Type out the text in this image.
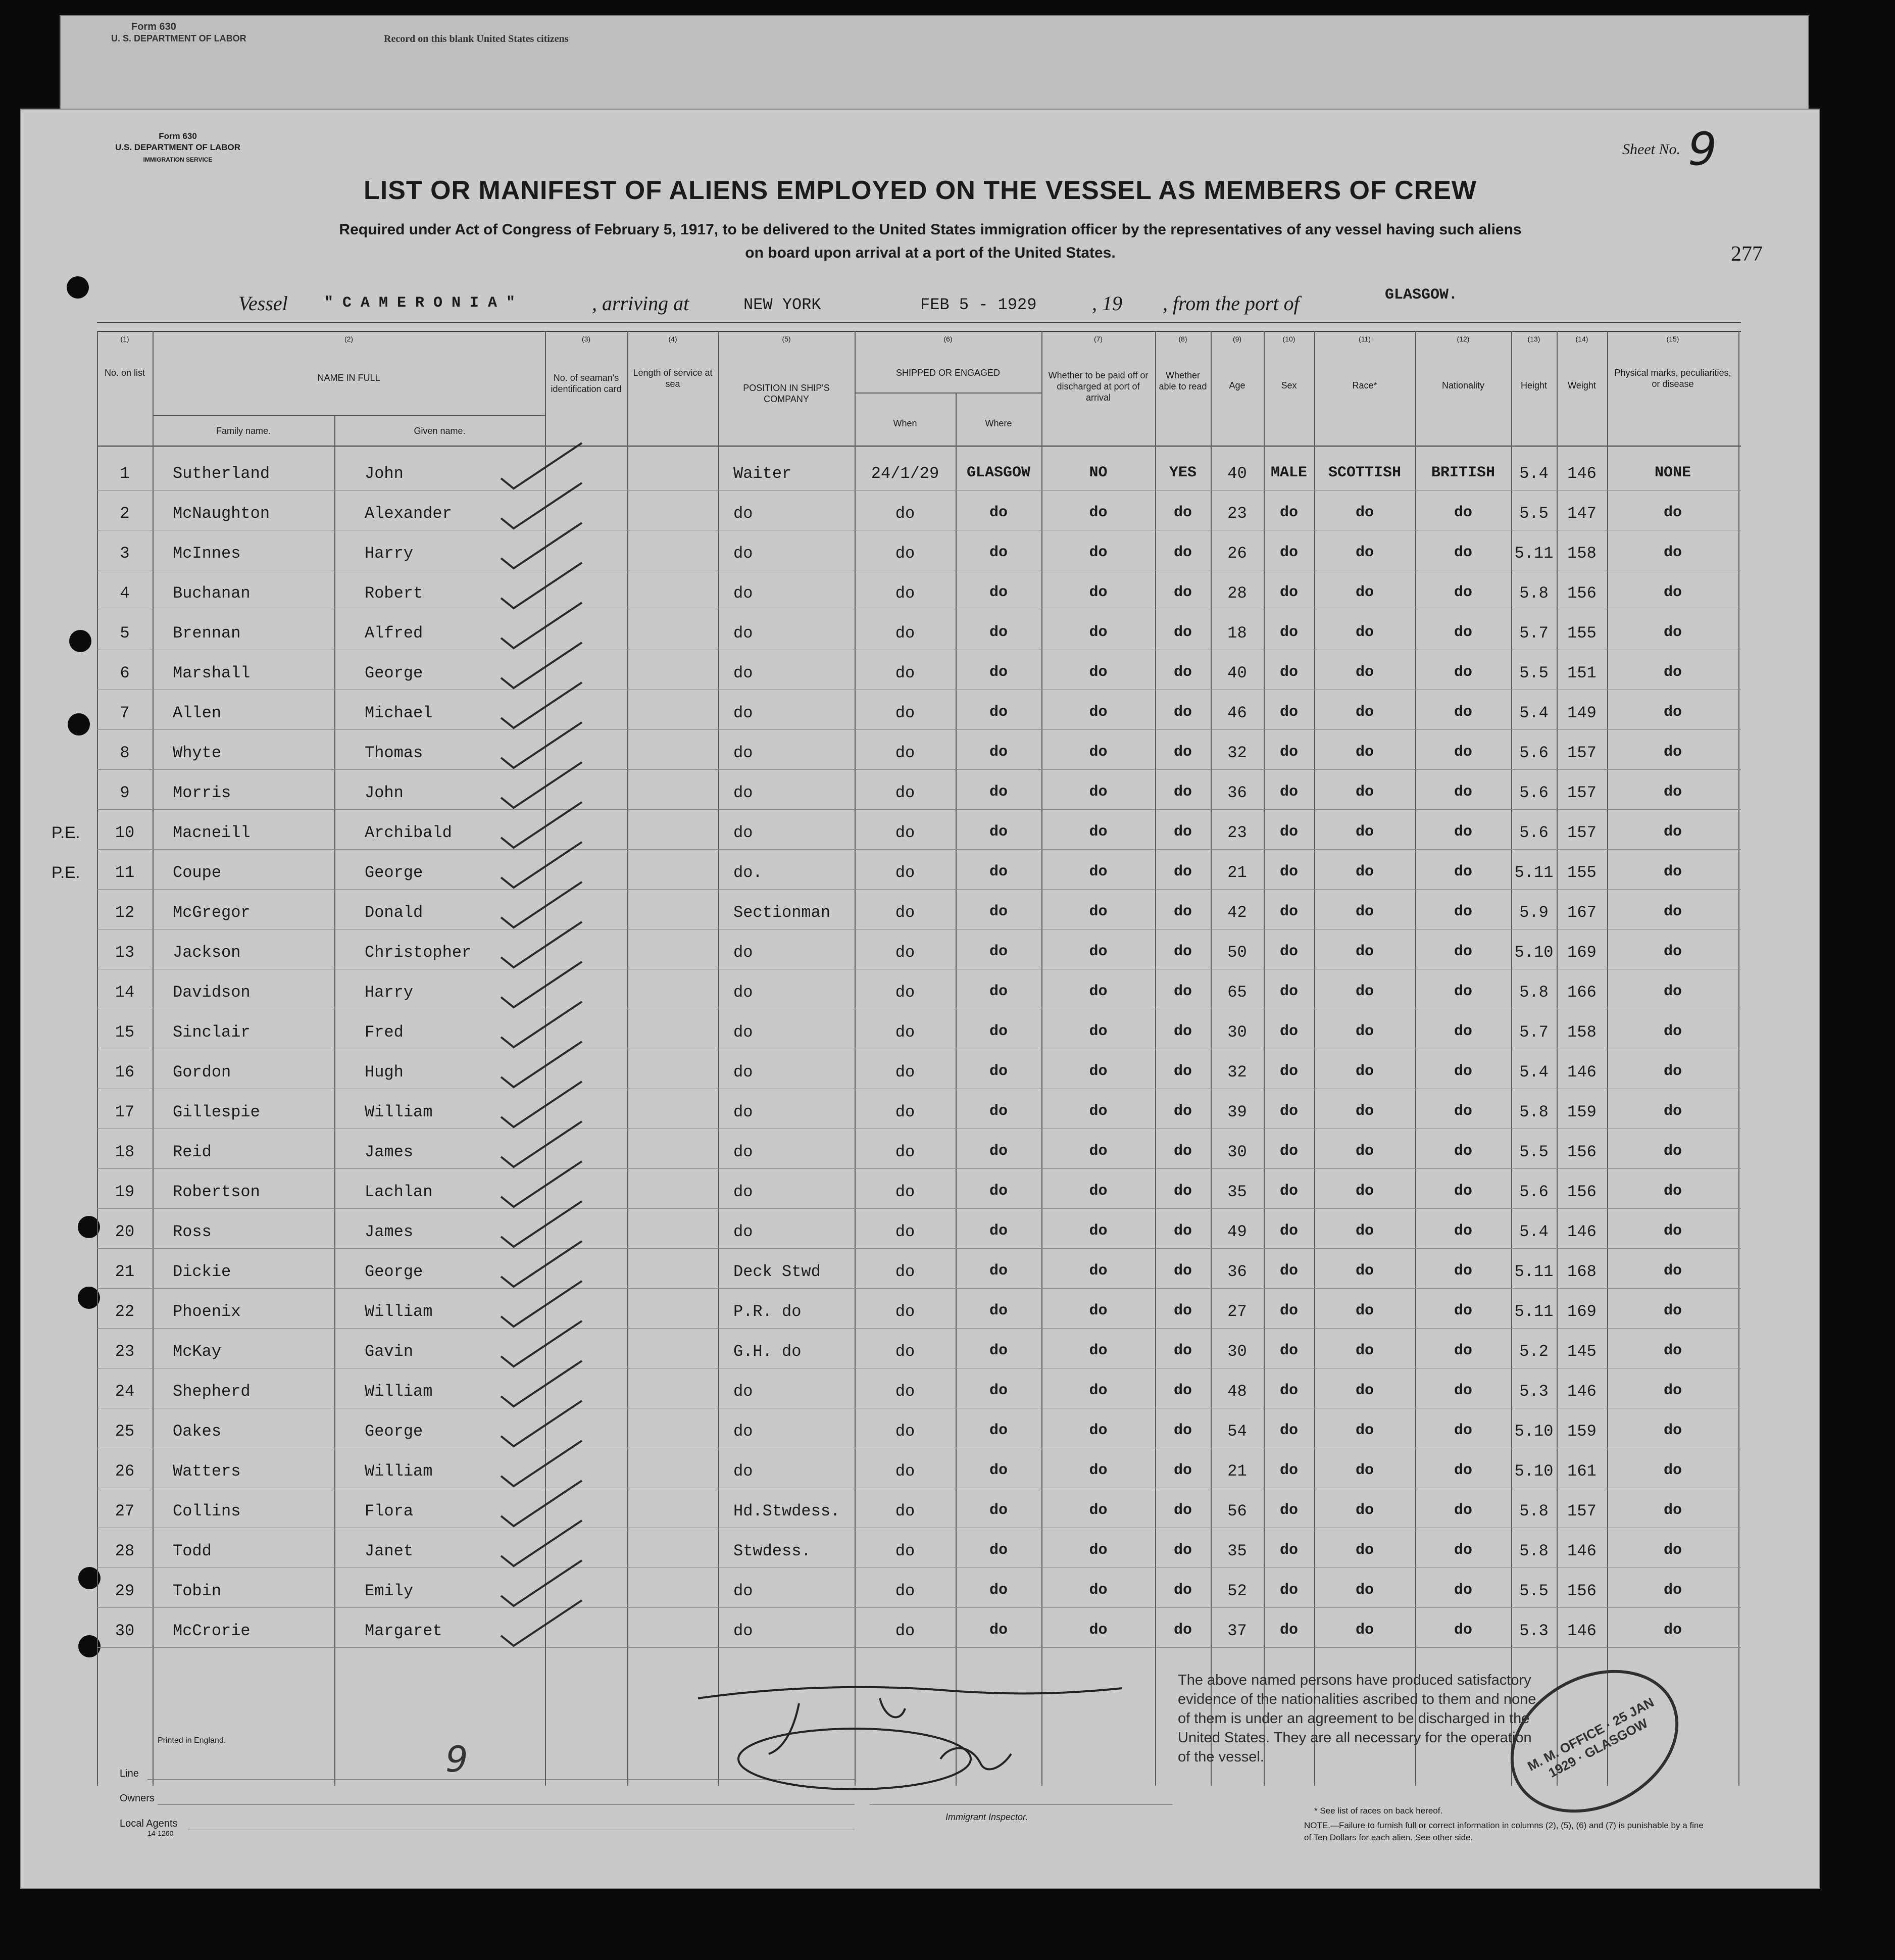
Form 630
U. S. DEPARTMENT OF LABOR	Record on this blank United States citizens
Form 630
U.S. DEPARTMENT OF LABOR
IMMIGRATION SERVICE
Sheet No. 9
277
LIST OR MANIFEST OF ALIENS EMPLOYED ON THE VESSEL AS MEMBERS OF CREW
Required under Act of Congress of February 5, 1917, to be delivered to the United States immigration officer by the representatives of any vessel having such aliens
on board upon arrival at a port of the United States.
Vessel " C A M E R O N I A "	, arriving at	NEW YORK	FEB 5 - 1929	, 19 , from the port of	GLASGOW.
(1)	(2)	(3)	(4)	(5)	(6)	(7)	(8)	(9)	(10)	(11)	(12)	(13)	(14)	(15)
No. on list	NAME IN FULL
Family name.	Given name.
No. of seaman's identification card
Length of service at sea	POSITION IN SHIP'S COMPANY
SHIPPED OR ENGAGED
When	Where
Whether to be paid off or discharged at port of arrival
Whether able to read	Age	Sex	Race*	Nationality	Height	Weight
Physical marks, peculiarities, or disease
1	Sutherland	John	Waiter	24/1/29	GLASGOW	NO	YES	40	MALE	SCOTTISH	BRITISH	5.4	146	NONE
2	McNaughton	Alexander	do	do	do	do	do	23	do	do	do	5.5	147	do
3	McInnes	Harry	do	do	do	do	do	26	do	do	do	5.11 158	do
4	Buchanan	Robert	do	do	do	do	do	28	do	do	do	5.8	156	do
5	Brennan	Alfred	do	do	do	do	do	18	do	do	do	5.7	155	do
6	Marshall	George	do	do	do	do	do	40	do	do	do	5.5	151	do
7	Allen	Michael	do	do	do	do	do	46	do	do	do	5.4	149	do
8	Whyte	Thomas	do	do	do	do	do	32	do	do	do	5.6	157	do
9	Morris	John	do	do	do	do	do	36	do	do	do	5.6	157	do
10	Macneill	Archibald	do	do	do	do	do	23	do	do	do	5.6	157	do
P.E.
11	Coupe	George	do.	do	do	do	do	21	do	do	do	5.11 155	do
P.E.
12	McGregor	Donald	Sectionman	do	do	do	do	42	do	do	do	5.9	167	do
13	Jackson	Christopher	do	do	do	do	do	50	do	do	do	5.10 169	do
14	Davidson	Harry	do	do	do	do	do	65	do	do	do	5.8	166	do
15	Sinclair	Fred	do	do	do	do	do	30	do	do	do	5.7	158	do
16	Gordon	Hugh	do	do	do	do	do	32	do	do	do	5.4	146	do
17	Gillespie	William	do	do	do	do	do	39	do	do	do	5.8	159	do
18	Reid	James	do	do	do	do	do	30	do	do	do	5.5	156	do
19	Robertson	Lachlan	do	do	do	do	do	35	do	do	do	5.6	156	do
20	Ross	James	do	do	do	do	do	49	do	do	do	5.4	146	do
21	Dickie	George	Deck Stwd	do	do	do	do	36	do	do	do	5.11 168	do
22	Phoenix	William	P.R. do	do	do	do	do	27	do	do	do	5.11 169	do
23	McKay	Gavin	G.H. do	do	do	do	do	30	do	do	do	5.2	145	do
24	Shepherd	William	do	do	do	do	do	48	do	do	do	5.3	146	do
25	Oakes	George	do	do	do	do	do	54	do	do	do	5.10 159	do
26	Watters	William	do	do	do	do	do	21	do	do	do	5.10 161	do
27	Collins	Flora	Hd.Stwdess.	do	do	do	do	56	do	do	do	5.8	157	do
28	Todd	Janet	Stwdess.	do	do	do	do	35	do	do	do	5.8	146	do
29	Tobin	Emily	do	do	do	do	do	52	do	do	do	5.5	156	do
30	McCrorie	Margaret	do	do	do	do	do	37	do	do	do	5.3	146	do
Printed in England.
Line
Owners
Local Agents
14-1260
9
Immigrant Inspector.
The above named persons have produced satisfactory evidence of the nationalities ascribed to them and none of them is under an agreement to be discharged in the United States. They are all necessary for the operation of the vessel.	M. M. OFFICE · 25 JAN 1929 · GLASGOW
* See list of races on back hereof.
NOTE.—Failure to furnish full or correct information in columns (2), (5), (6) and (7) is punishable by a fine of Ten Dollars for each alien. See other side.
